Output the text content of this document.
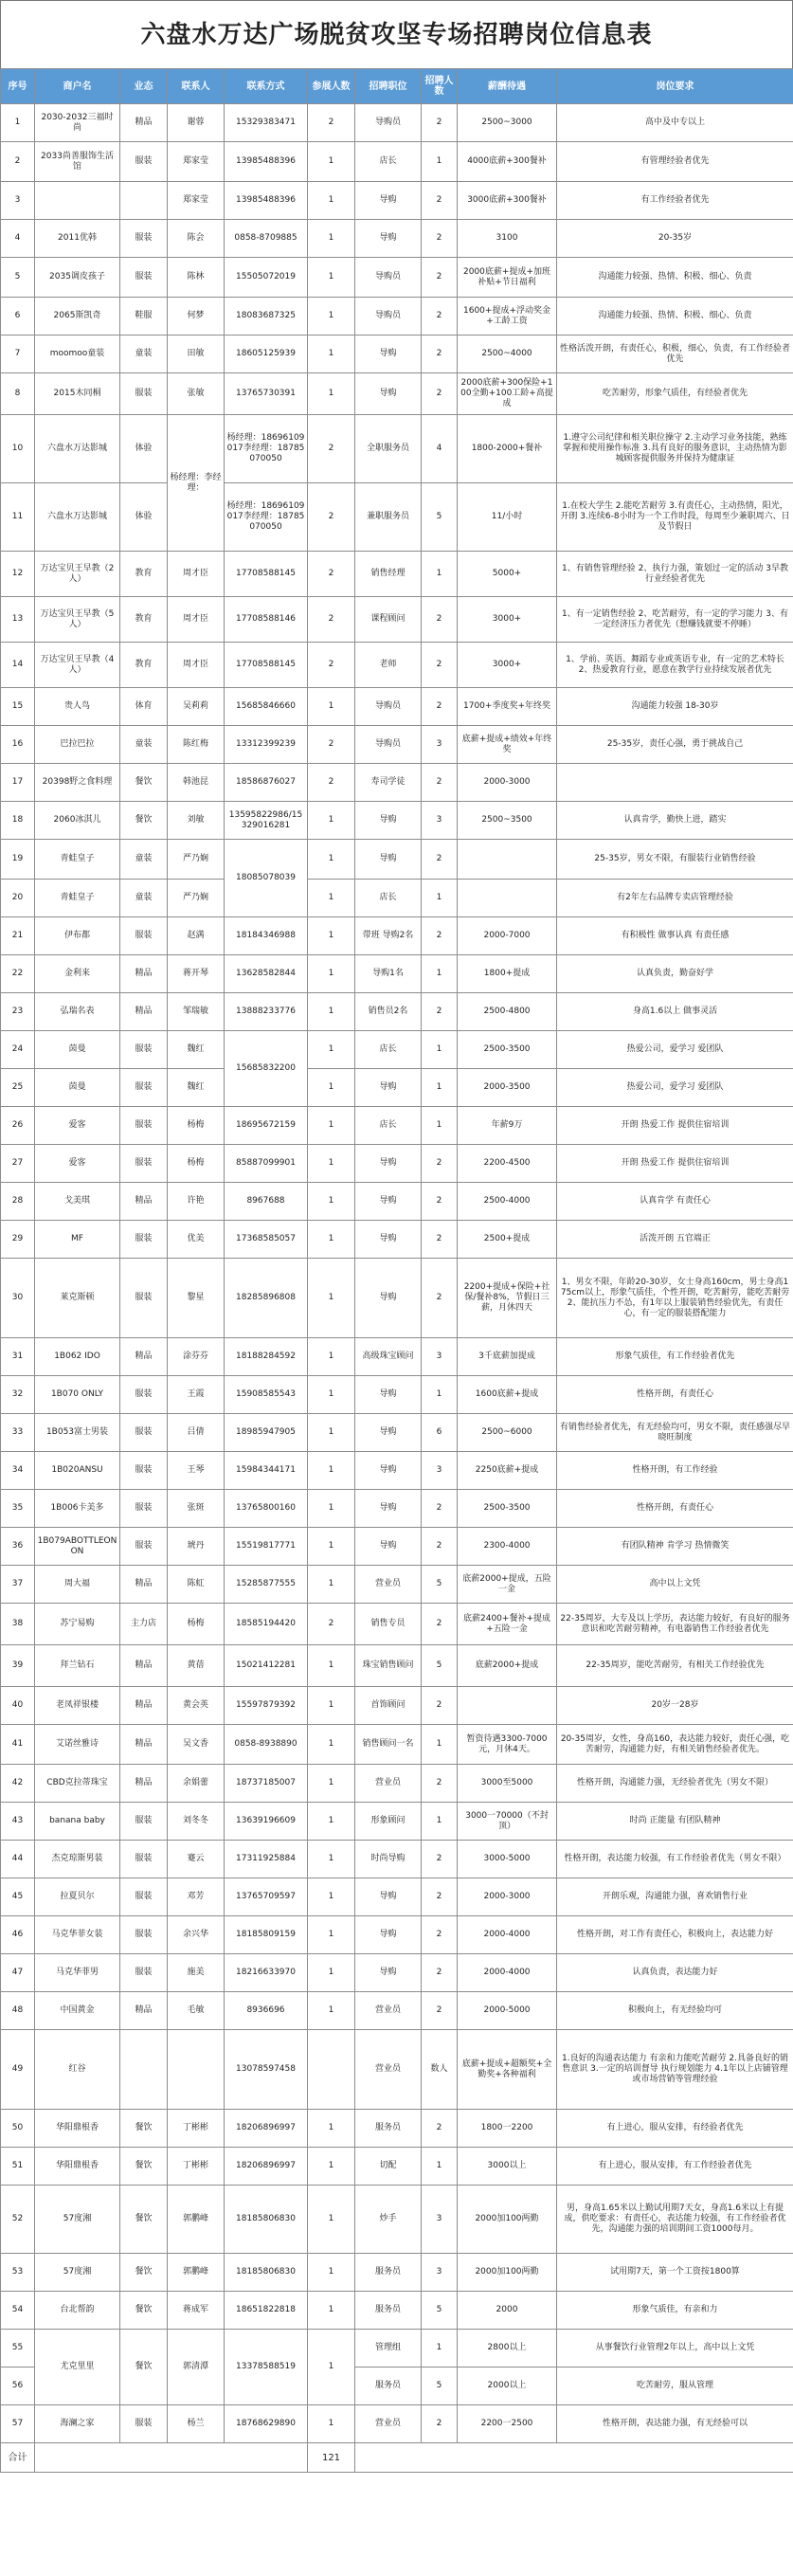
六盘水万达广场脱贫攻坚专场招聘岗位信息表
序号	商户名	业态	联系人	联系方式	参展人数	招聘职位	招聘人数	薪酬待遇	岗位要求
1	2030-2032三福时尚	精品	谢蓉	15329383471	2	导购员	2	2500~3000	高中及中专以上
2	2033尚善服饰生活馆	服装	郑家莹	13985488396	1	店长	1	4000底薪+300餐补	有管理经验者优先
3			郑家莹	13985488396	1	导购	2	3000底薪+300餐补	有工作经验者优先
4	2011优韩	服装	陈会	0858-8709885	1	导购	2	3100	20-35岁
5	2035调皮孩子	服装	陈林	15505072019	1	导购员	2	2000底薪+提成+加班补贴+节日福利	沟通能力较强、热情、积极、细心、负责
6	2065斯凯奇	鞋服	何梦	18083687325	1	导购员	2	1600+提成+浮动奖金+工龄工资	沟通能力较强、热情、积极、细心、负责
7	moomoo童装	童装	田敏	18605125939	1	导购	2	2500~4000	性格活泼开朗，有责任心，积极，细心，负责，有工作经验者优先
8	2015木同桐	服装	张敏	13765730391	1	导购	2	2000底薪+300保险+100全勤+100工龄+高提成	吃苦耐劳，形象气质佳，有经验者优先
10	六盘水万达影城	体验	杨经理：李经理：	杨经理：18696109017李经理：18785070050	2	全职服务员	4	1800-2000+餐补	1.遵守公司纪律和相关职位操守 2.主动学习业务技能，熟练掌握和使用操作标准 3.具有良好的服务意识，主动热情为影城顾客提供服务并保持为健康证
11	六盘水万达影城	体验		杨经理：18696109017李经理：18785070050	2	兼职服务员	5	11/小时	1.在校大学生 2.能吃苦耐劳 3.有责任心，主动热情，阳光，开朗 3.连续6-8小时为一个工作时段，每周至少兼职周六、日及节假日
12	万达宝贝王早教（2人）	教育	周才臣	17708588145	2	销售经理	1	5000+	1、有销售管理经验 2、执行力强，策划过一定的活动 3早教行业经验者优先
13	万达宝贝王早教（5人）	教育	周才臣	17708588146	2	课程顾问	2	3000+	1、有一定销售经验 2、吃苦耐劳，有一定的学习能力 3、有一定经济压力者优先（想赚钱就要不停睡）
14	万达宝贝王早教（4人）	教育	周才臣	17708588145	2	老师	2	3000+	1、学前、英语、舞蹈专业或英语专业，有一定的艺术特长 2、热爱教育行业，愿意在教学行业持续发展者优先
15	贵人鸟	体育	吴莉莉	15685846660	1	导购员	2	1700+季度奖+年终奖	沟通能力较强 18-30岁
16	巴拉巴拉	童装	陈红梅	13312399239	2	导购员	3	底薪+提成+绩效+年终奖	25-35岁，责任心强，勇于挑战自己
17	20398野之食料理	餐饮	韩池昆	18586876027	2	寿司学徒	2	2000-3000	
18	2060冰淇儿	餐饮	刘敏	13595822986/15329016281	1	导购	3	2500~3500	认真肯学，勤快上进，踏实
19	青蛙皇子	童装	严乃娴	18085078039	1	导购	2		25-35岁，男女不限，有服装行业销售经验
20	青蛙皇子	童装	严乃娴		1	店长	1		有2年左右品牌专卖店管理经验
21	伊布都	服装	赵满	18184346988	1	带班 导购2名	2	2000-7000	有积极性 做事认真 有责任感
22	金利来	精品	蒋开琴	13628582844	1	导购1名	1	1800+提成	认真负责，勤奋好学
23	弘瑞名表	精品	邹瑞敏	13888233776	1	销售员2名	2	2500-4800	身高1.6以上 做事灵活
24	茵曼	服装	魏红	15685832200	1	店长	1	2500-3500	热爱公司，爱学习 爱团队
25	茵曼	服装	魏红		1	导购	1	2000-3500	热爱公司，爱学习 爱团队
26	爱客	服装	杨梅	18695672159	1	店长	1	年薪9万	开朗 热爱工作 提供住宿培训
27	爱客	服装	杨梅	85887099901	1	导购	2	2200-4500	开朗 热爱工作 提供住宿培训
28	戈美琪	精品	许艳	8967688	1	导购	2	2500-4000	认真肯学 有责任心
29	MF	服装	优美	17368585057	1	导购	2	2500+提成	活泼开朗 五官端正
30	莱克斯顿	服装	黎星	18285896808	1	导购	2	2200+提成+保险+社保/餐补8%，节假日三薪，月休四天	1、男女不限，年龄20-30岁，女士身高160cm，男士身高175cm以上，形象气质佳，个性开朗，吃苦耐劳，能吃苦耐劳 2、能抗压力不怂，有1年以上服装销售经验优先，有责任心，有一定的服装搭配能力
31	1B062 IDO	精品	涂芬芬	18188284592	1	高级珠宝顾问	3	3千底薪加提成	形象气质佳，有工作经验者优先
32	1B070 ONLY	服装	王霞	15908585543	1	导购	1	1600底薪+提成	性格开朗，有责任心
33	1B053富士男装	服装	吕倩	18985947905	1	导购	6	2500~6000	有销售经验者优先，有无经验均可，男女不限，责任感强尽早晓旺制度
34	1B020ANSU	服装	王琴	15984344171	1	导购	3	2250底薪+提成	性格开朗，有工作经验
35	1B006卡美多	服装	张斑	13765800160	1	导购	2	2500-3500	性格开朗，有责任心
36	1B079ABOTTLEONON	服装	琥丹	15519817771	1	导购	2	2300-4000	有团队精神 肯学习 热情微笑
37	周大福	精品	陈虹	15285877555	1	营业员	5	底薪2000+提成，五险一金	高中以上文凭
38	苏宁易购	主力店	杨梅	18585194420	2	销售专员	2	底薪2400+餐补+提成+五险一金	22-35周岁，大专及以上学历，表达能力较好，有良好的服务意识和吃苦耐劳精神，有电器销售工作经验者优先
39	拜兰钻石	精品	黄蓓	15021412281	1	珠宝销售顾问	5	底薪2000+提成	22-35周岁，能吃苦耐劳，有相关工作经验优先
40	老凤祥银楼	精品	黄会英	15597879392	1	首饰顾问	2		20岁一28岁
41	艾诺丝雅诗	精品	吴文香	0858-8938890	1	销售顾问一名	1	暂资待遇3300-7000元，月休4天。	20-35周岁，女性，身高160，表达能力较好，责任心强，吃苦耐劳，沟通能力好，有相关销售经验者优先。
42	CBD克拉蒂珠宝	精品	余娟蕾	18737185007	1	营业员	2	3000至5000	性格开朗，沟通能力强，无经验者优先（男女不限）
43	banana baby	服装	刘冬冬	13639196609	1	形象顾问	1	3000一70000（不封顶）	时尚 正能量 有团队精神
44	杰克琼斯男装	服装	蹇云	17311925884	1	时尚导购	2	3000-5000	性格开朗，表达能力较强，有工作经验者优先（男女不限）
45	拉夏贝尔	服装	邓芳	13765709597	1	导购	2	2000-3000	开朗乐观，沟通能力强，喜欢销售行业
46	马克华菲女装	服装	余兴华	18185809159	1	导购	2	2000-4000	性格开朗，对工作有责任心，积极向上，表达能力好
47	马克华菲男	服装	施美	18216633970	1	导购	2	2000-4000	认真负责，表达能力好
48	中国黄金	精品	毛敏	8936696	1	营业员	2	2000-5000	积极向上，有无经验均可
49	红谷			13078597458		营业员	数人	底薪+提成+超额奖+全勤奖+各种福利	1.良好的沟通表达能力 有亲和力能吃苦耐劳 2.具备良好的销售意识 3.一定的培训督导 执行规划能力 4.1年以上店铺管理或市场营销等管理经验
50	华阳鼎根香	餐饮	丁彬彬	18206896997	1	服务员	2	1800一2200	有上进心，服从安排，有经验者优先
51	华阳鼎根香	餐饮	丁彬彬	18206896997	1	切配	1	3000以上	有上进心，服从安排，有工作经验者优先
52	57度湘	餐饮	郭鹏峰	18185806830	1	炒手	3	2000加100两勤	男，身高1.65米以上勤试用期7天女，身高1.6米以上有提成，供吃要求：有责任心，表达能力较强，有工作经验者优先，沟通能力强的培训期间工资1000每月。
53	57度湘	餐饮	郭鹏峰	18185806830	1	服务员	3	2000加100两勤	试用期7天，第一个工资按1800算
54	台北帮韵	餐饮	蒋成军	18651822818	1	服务员	5	2000	形象气质佳，有亲和力
55	尤克里里	餐饮	郭清潭	13378588519	1	管理组	1	2800以上	从事餐饮行业管理2年以上，高中以上文凭
56						服务员	5	2000以上	吃苦耐劳，服从管理
57	海澜之家	服装	杨兰	18768629890	1	营业员	2	2200一2500	性格开朗，表达能力强，有无经验可以
合计					121				
